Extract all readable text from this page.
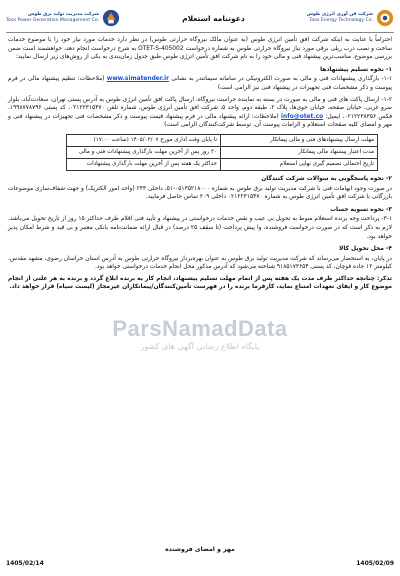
شرکت مدیریت تولید برق طوس
Toos Power Generation Management Co.	دعوتنامه استعلام	شرکت فن آوری انرژی طوس
Toos Energy Technology Co.

احتراماً با عنایت به اینکه شرکت افق تأمین انرژی طوس (به عنوان مالک نیروگاه حرارتی طوس) در نظر دارد خدمات مورد نیاز خود را با موضوع خدمات ساخت و نصب درب ریلی برقی مورد نیاز نیروگاه حرارتی طوس به شماره درخواست OTET-S-405002 به شرح درخواست انجام دهد، خواهشمند است ضمن بررسی موضوع، مناسب‌ترین پیشنهاد فنی و مالی خود را به نام شرکت افق تأمین انرژی طوس طبق جدول زمان‌بندی به یکی از روش‌های زیر ارسال نمایید:

۱- نحوه تسلیم پیشنهادها

۱-۱- بارگذاری پیشنهادات فنی و مالی به صورت الکترونیکی در سامانه سیماتندر به نشانی www.simatender.ir (ملاحظات: تنظیم پیشنهاد مالی در فرم پیوست و ذکر مشخصات فنی تجهیزات در پیشنهاد فنی نیز الزامی است)

۱-۲- ارسال پاکت های فنی و مالی به صورت در بسته به نماینده حراست نیروگاه، ارسال پاکت افق تأمین انرژی طوس به آدرس پستی تهران، سعادت‌آباد، بلوار سرو غربی، خیابان صفحه، خیابان جوی‌ها، پلاک ۲، طبقه دوم، واحد ۵، شرکت افق تأمین انرژی طوس، شماره تلفن ۰۲۱۲۲۳۱۵۴۷۰، کد پستی ۱۹۹۸۷۷۸۷۹۶، فکس ۰۲۱۲۲۳۸۳۵۶، ایمیل: info@otet.co (ملاحظات: ارائه پیشنهاد مالی در فرم پیشنهاد قیمت پیوست و ذکر مشخصات فنی تجهیزات در پیشنهاد فنی و مهر و امضای کلیه صفحات استعلام و الزامات پیوست آن، توسط شرکت‌کنندگان الزامی است)

مهلت ارسال پیشنهادهای فنی و مالی پیمانکار	تا پایان وقت اداری مورخ ۱۴۰۵/۰۲/۰۷ (ساعت ۱۷:۰۰)
مدت اعتبار پیشنهاد مالی پیمانکار	۳۰ روز پس از آخرین مهلت بارگذاری پیشنهادات فنی و مالی
تاریخ احتمالی تصمیم گیری نهایی استعلام	حداکثر یک هفته پس از آخرین مهلت بارگذاری پیشنهادات

۲- نحوه پاسخگویی به سوالات شرکت کنندگان

در صورت وجود ابهامات فنی با شرکت مدیریت تولید برق طوس به شماره ۰۵۱۳۵۲۱۸۰۰۰-۵۱، داخلی ۲۴۳ (واحد امور الکتریک) و جهت شفاف‌سازی موضوعات بازرگانی با شرکت افق تأمین انرژی طوس به شماره ۰۲۱۲۲۳۱۵۴۷۰ داخلی ۲۰۹ تماس حاصل فرمایید.

۳- نحوه تسویه حساب

۳-۱- پرداخت وجه برنده استعلام منوط به تحویل بی عیب و نقص خدمات درخواستی در پیشنهاد و تأیید فنی اقلام ظرف حداکثر ۱۵ روز از تاریخ تحویل می‌باشد. لازم به ذکر است که در صورت درخواست فروشنده، وا پیش پرداخت (تا سقف ۲۵ درصد) در قبال ارائه ضمانت‌نامه بانکی معتبر و بی قید و شرط امکان پذیر خواهد بود.

۴- محل تحویل کالا

در پایان، به استحضار می‌رساند که شرکت مدیریت تولید برق طوس به عنوان بهره‌بردار نیروگاه حرارتی طوس به آدرس استان خراسان رضوی، مشهد مقدس، کیلومتر ۱۲ جاده قوچان، کد پستی ۹۱۸۵۱۷۳۶۵۴ شناخته می‌شود که آدرس مذکور محل انجام خدمات درخواستی خواهد بود.

تذکر: چنانچه حداکثر ظرف مدت یک هفته پس از اتمام مهلت تسلیم پیشنهاد، انجام کار به برنده ابلاغ گردد و برنده به هر علتی از انجام موضوع کار و ایفای تعهدات امتناع نماید، کارفرما برنده را در فهرست تأمین‌کنندگان/پیمانکاران غیرمجاز (لیست سیاه) قرار خواهد داد.

ParsNamadData
پایگاه اطلاع رسانی آگهی های کشور
مهر و امضای فروشنده
1405/02/14	1405/02/09
